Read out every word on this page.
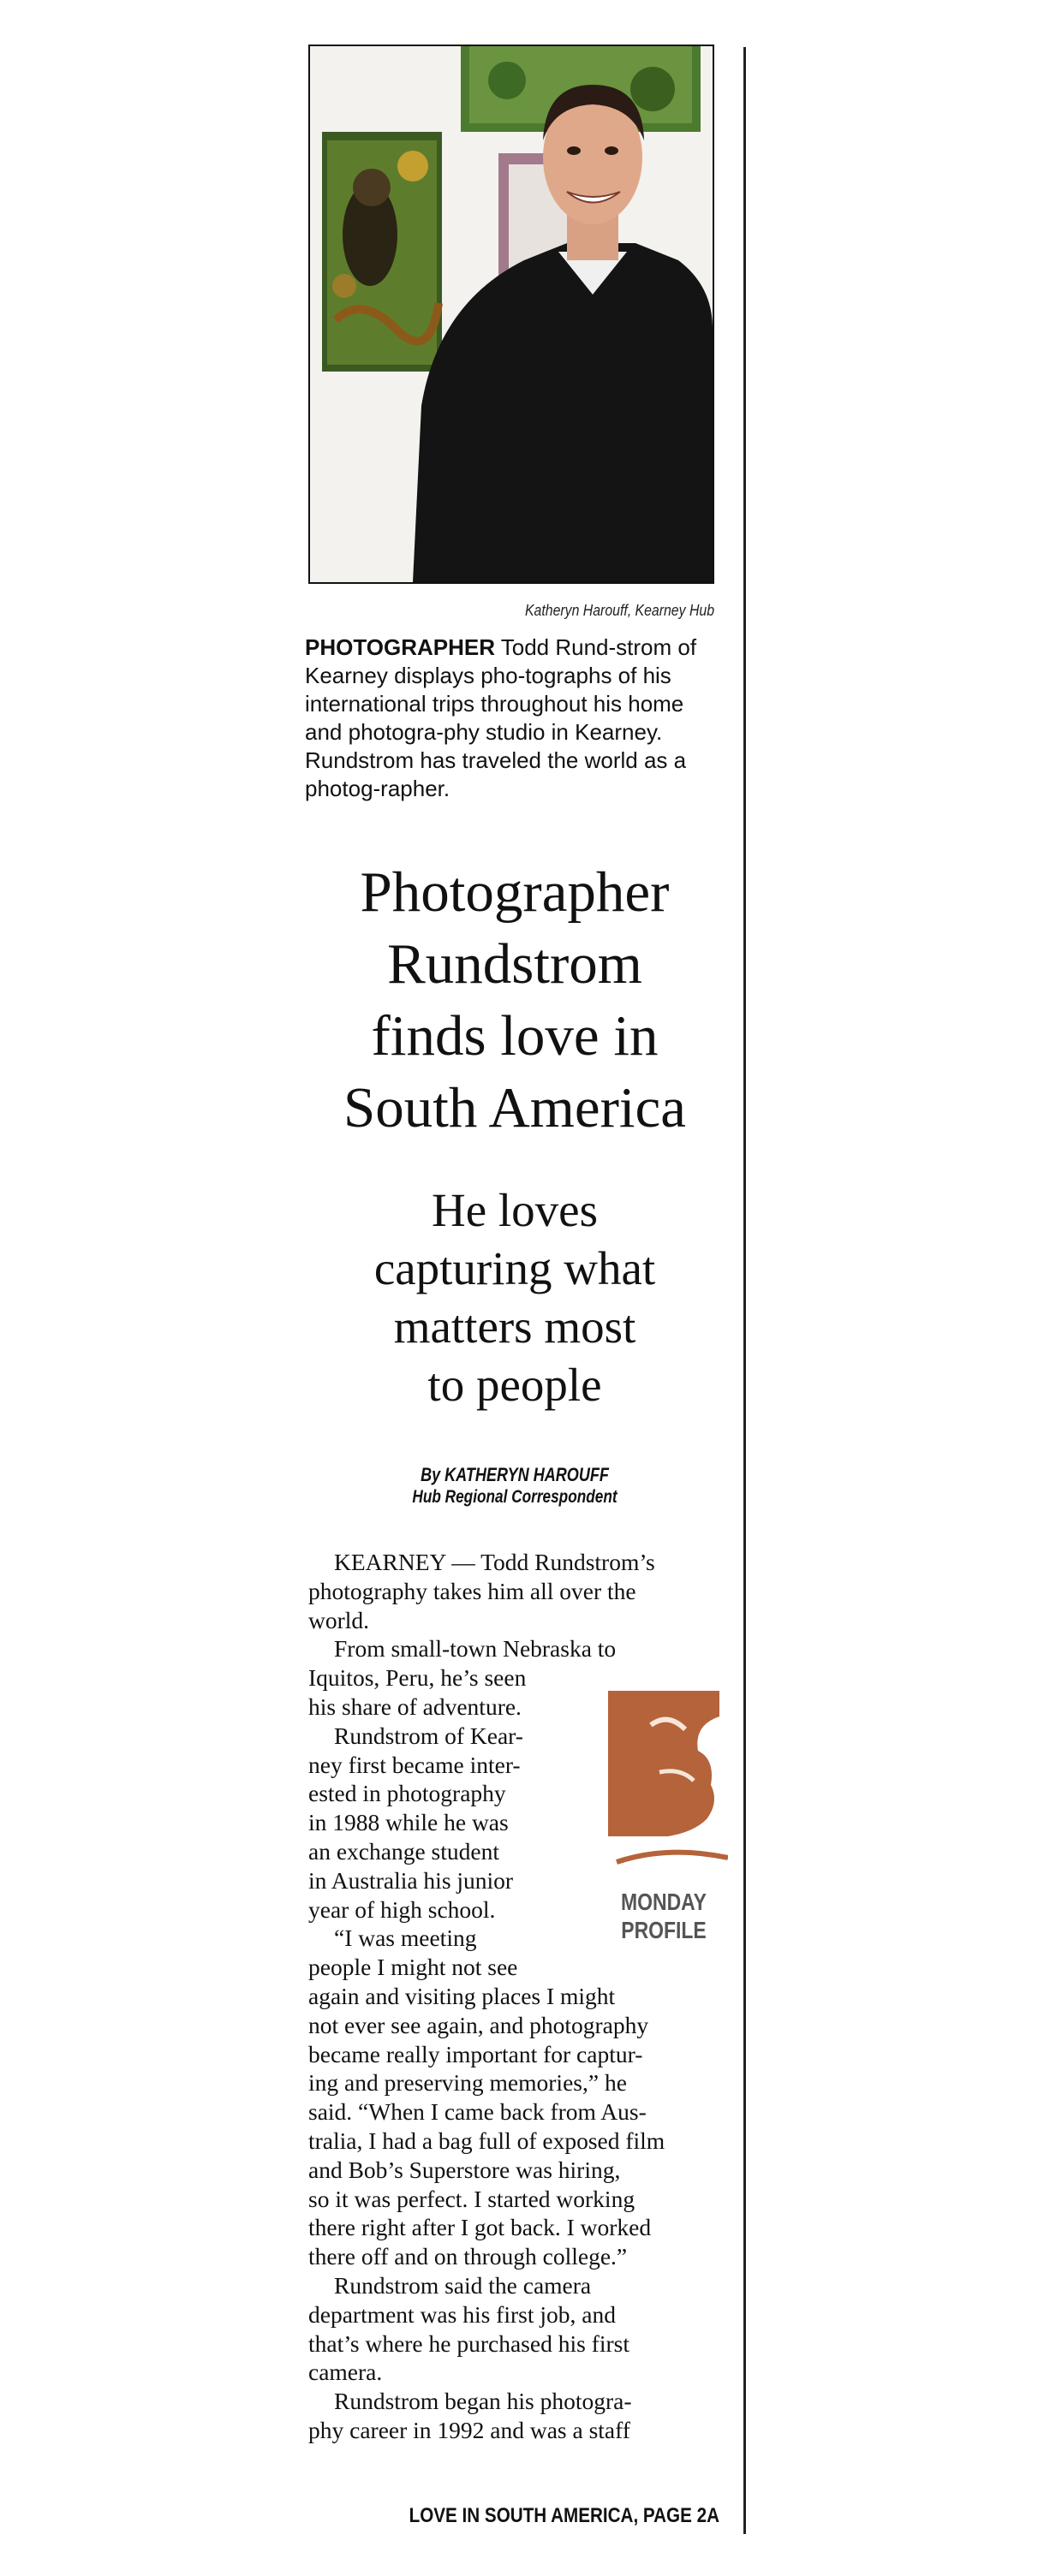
Katheryn Harouff, Kearney Hub
PHOTOGRAPHER Todd Rund-strom of Kearney displays pho-tographs of his international trips throughout his home and photogra-phy studio in Kearney. Rundstrom has traveled the world as a photog-rapher.
Photographer
Rundstrom
finds love in
South America
He loves
capturing what
matters most
to people
By KATHERYN HAROUFF
Hub Regional Correspondent
KEARNEY — Todd Rundstrom’s
photography takes him all over the
world.
From small-town Nebraska to
Iquitos, Peru, he’s seen
his share of adventure.
Rundstrom of Kear-
ney first became inter-
ested in photography
in 1988 while he was
an exchange student
in Australia his junior
year of high school.
“I was meeting
people I might not see
again and visiting places I might
not ever see again, and photography
became really important for captur-
ing and preserving memories,” he
said. “When I came back from Aus-
tralia, I had a bag full of exposed film
and Bob’s Superstore was hiring,
so it was perfect. I started working
there right after I got back. I worked
there off and on through college.”
Rundstrom said the camera
department was his first job, and
that’s where he purchased his first
camera.
Rundstrom began his photogra-
phy career in 1992 and was a staff
MONDAY
PROFILE
LOVE IN SOUTH AMERICA, PAGE 2A
